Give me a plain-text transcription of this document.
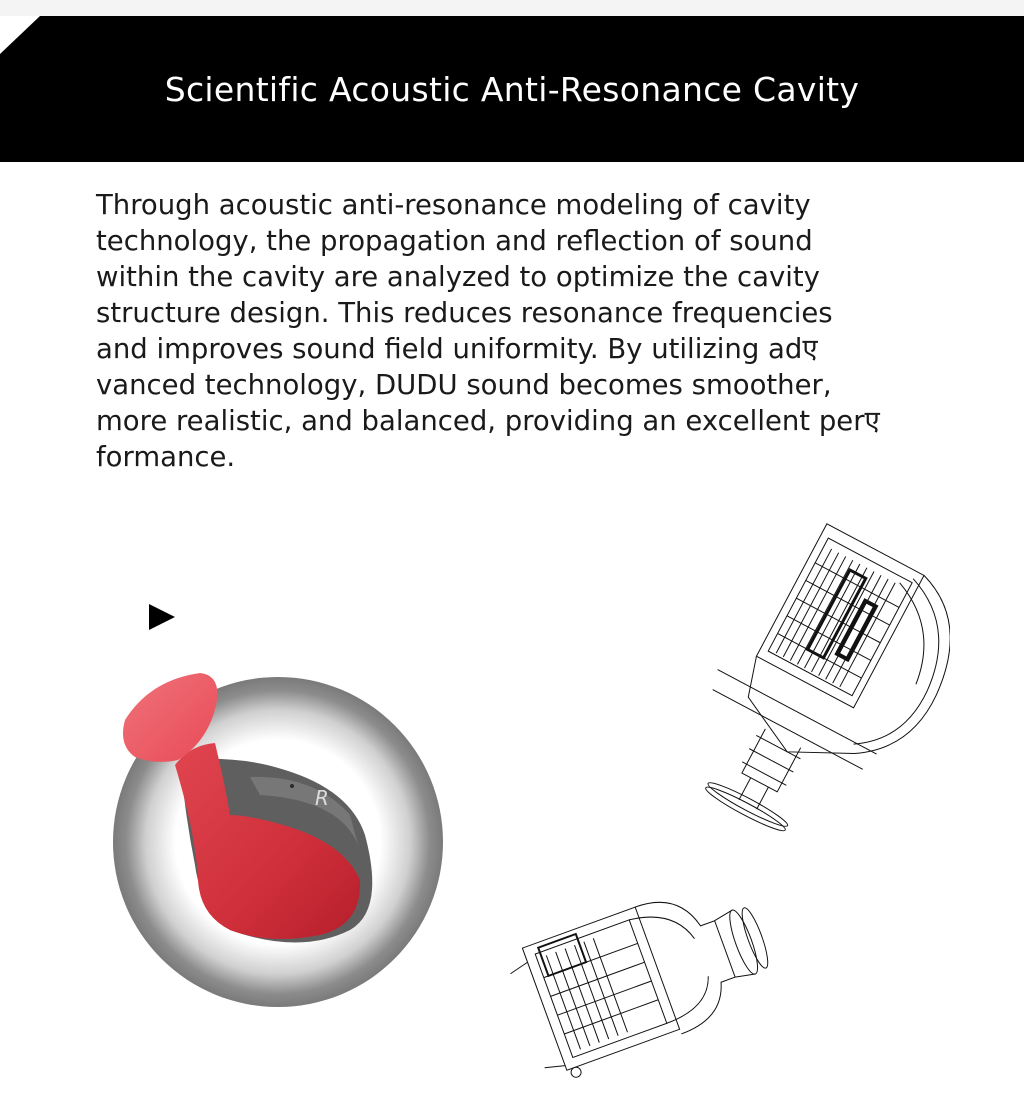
Scientific Acoustic Anti-Resonance Cavity

Through acoustic anti-resonance modeling of cavity
technology, the propagation and reflection of sound
within the cavity are analyzed to optimize the cavity
structure design. This reduces resonance frequencies
and improves sound field uniformity. By utilizing adए
vanced technology, DUDU sound becomes smoother,
more realistic, and balanced, providing an excellent perए
formance.

R
